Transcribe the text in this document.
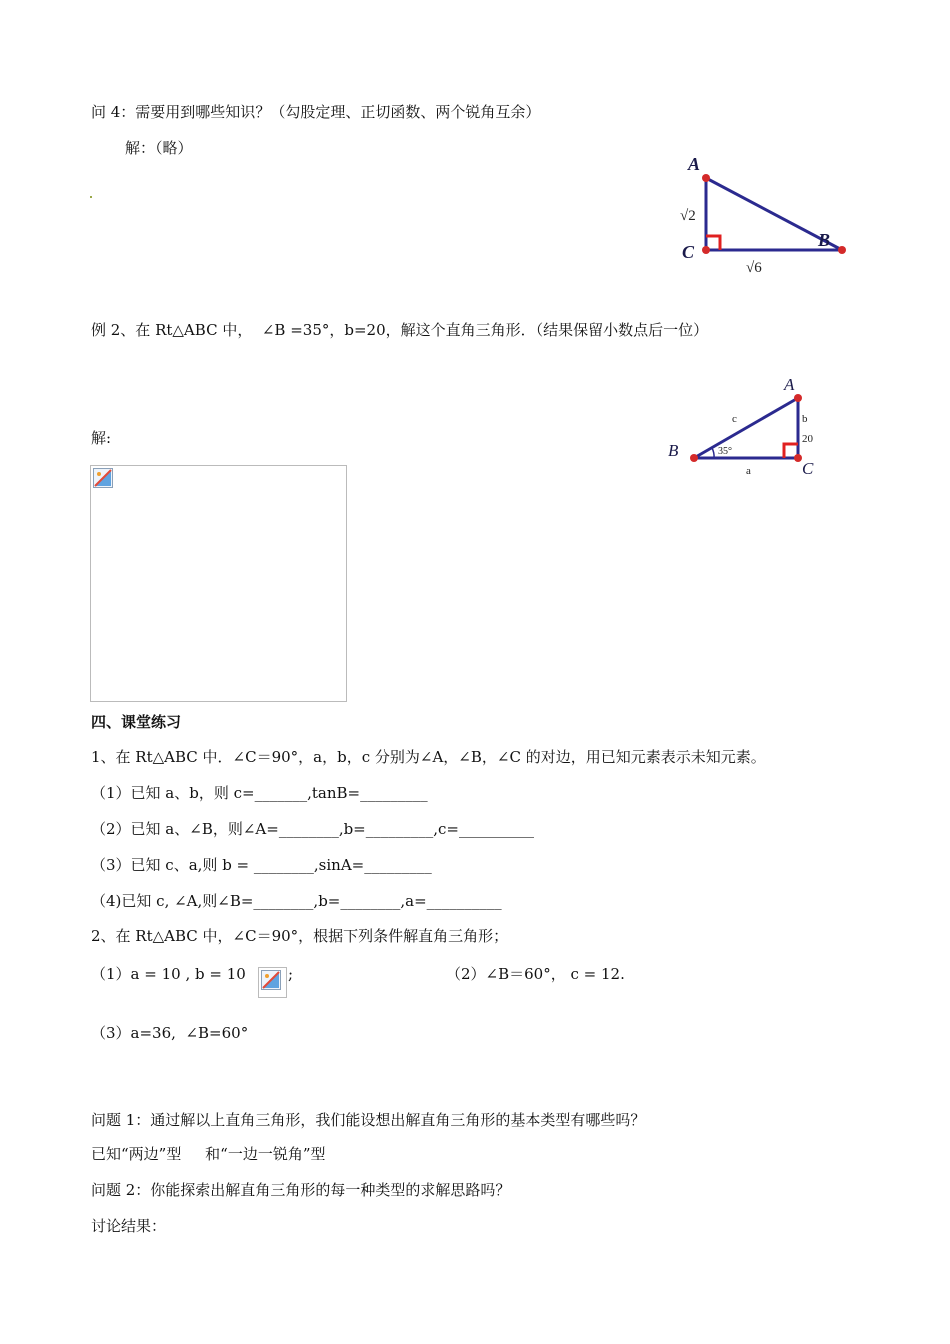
问 4：需要用到哪些知识？（勾股定理、正切函数、两个锐角互余）
解：（略）
A
C
B
√2
√6
例 2、在 Rt△ABC 中，  ∠B =35°，b=20，解这个直角三角形．（结果保留小数点后一位）
A
B
C
c	b
20
a
35°
解:
四、课堂练习
1、在 Rt△ABC 中．∠C＝90°，a，b，c 分别为∠A，∠B，∠C 的对边，用已知元素表示未知元素。
（1）已知 a、b，则 c=_______,tanB=_________
（2）已知 a、∠B，则∠A=________,b=_________,c=__________
（3）已知 c、a,则 b = ________,sinA=_________
（4)已知 c, ∠A,则∠B=________,b=________,a=__________
2、在 Rt△ABC 中，∠C＝90°，根据下列条件解直角三角形；
（1）a = 10 , b = 10	;	（2）∠B＝60°， c = 12.
（3）a=36,  ∠B=60°
问题 1：通过解以上直角三角形，我们能设想出解直角三角形的基本类型有哪些吗？
已知“两边”型     和“一边一锐角”型
问题 2：你能探索出解直角三角形的每一种类型的求解思路吗？
讨论结果：
